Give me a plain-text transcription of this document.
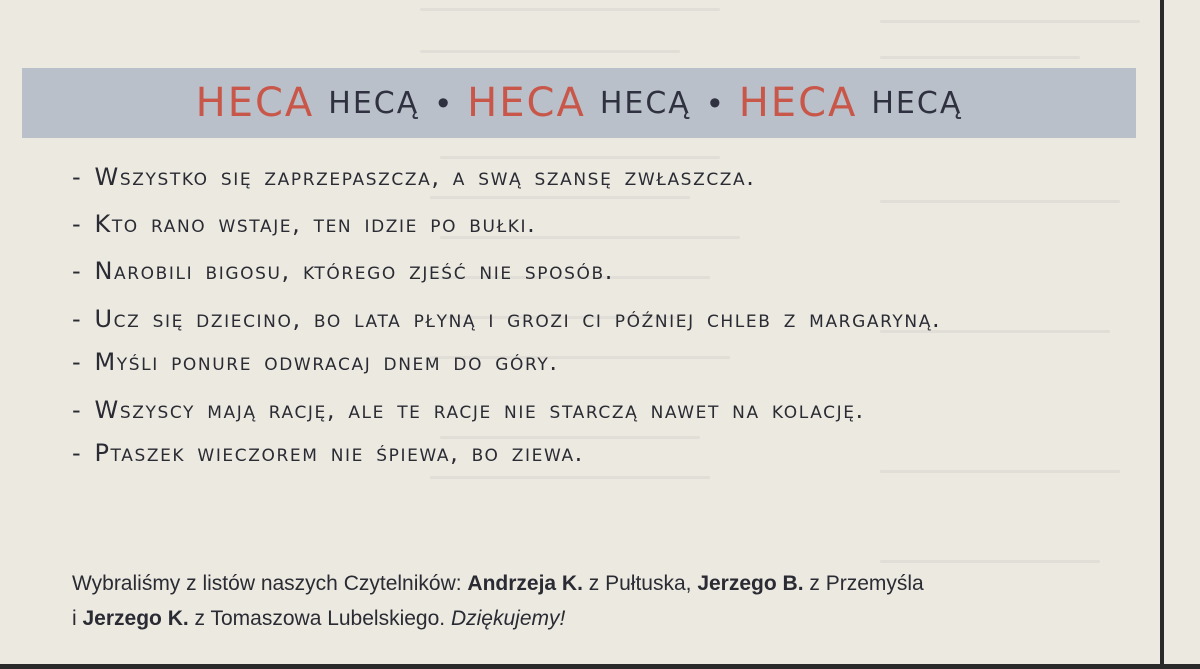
HECA HECĄ • HECA HECĄ • HECA HECĄ
- Wszystko się zaprzepaszcza, a swą szansę zwłaszcza.
- Kto rano wstaje, ten idzie po bułki.
- Narobili bigosu, którego zjeść nie sposób.
- Ucz się dziecino, bo lata płyną i grozi ci później chleb z margaryną.
- Myśli ponure odwracaj dnem do góry.
- Wszyscy mają rację, ale te racje nie starczą nawet na kolację.
- Ptaszek wieczorem nie śpiewa, bo ziewa.
Wybraliśmy z listów naszych Czytelników: Andrzeja K. z Pułtuska, Jerzego B. z Przemyśla
i Jerzego K. z Tomaszowa Lubelskiego. Dziękujemy!
